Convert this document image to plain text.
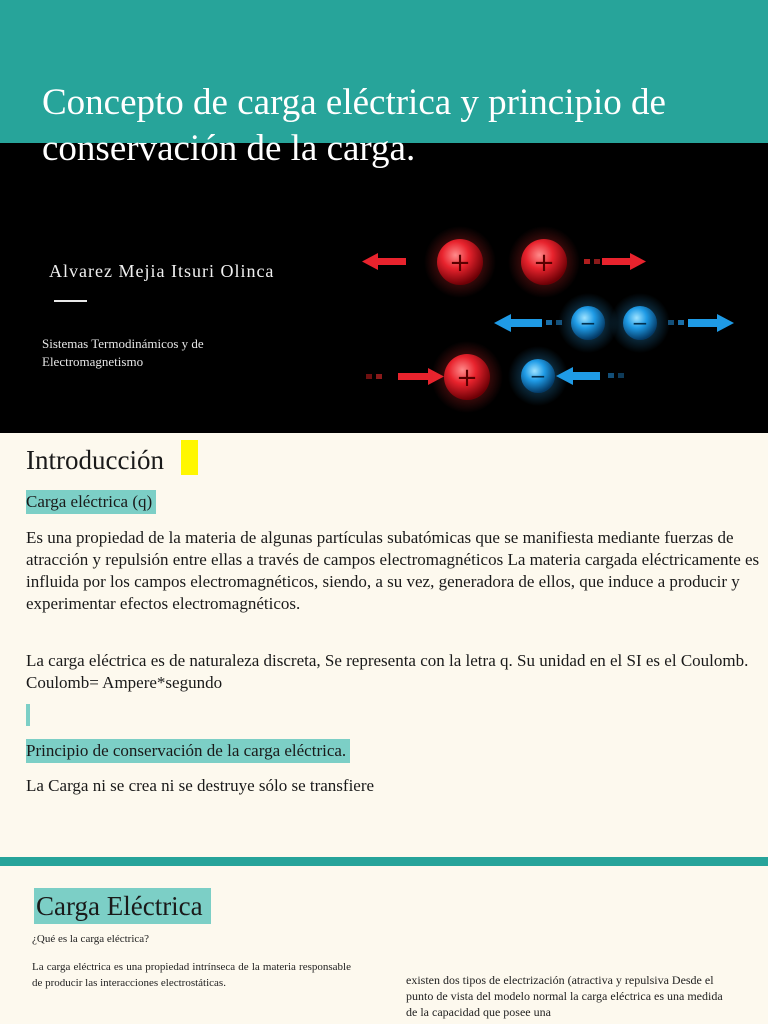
Concepto de carga eléctrica y principio de conservación de la carga.
Alvarez Mejia Itsuri Olinca
Sistemas Termodinámicos y de Electromagnetismo
+ +
− −
+	−
Introducción
Carga eléctrica (q)

Es una propiedad de la materia de algunas partículas subatómicas que se manifiesta mediante fuerzas de atracción y repulsión entre ellas a través de campos electromagnéticos La materia cargada eléctricamente es influida por los campos electromagnéticos, siendo, a su vez, generadora de ellos, que induce a producir y experimentar efectos electromagnéticos.

La carga eléctrica es de naturaleza discreta, Se representa con la letra q. Su unidad en el SI es el Coulomb. Coulomb= Ampere*segundo

Principio de conservación de la carga eléctrica.

La Carga ni se crea ni se destruye sólo se transfiere

Carga Eléctrica
¿Qué es la carga eléctrica?

La carga eléctrica es una propiedad intrínseca de la materia responsable de producir las interacciones electrostáticas.	existen dos tipos de electrización (atractiva y repulsiva Desde el punto de vista del modelo normal la carga eléctrica es una medida de la capacidad que posee una
